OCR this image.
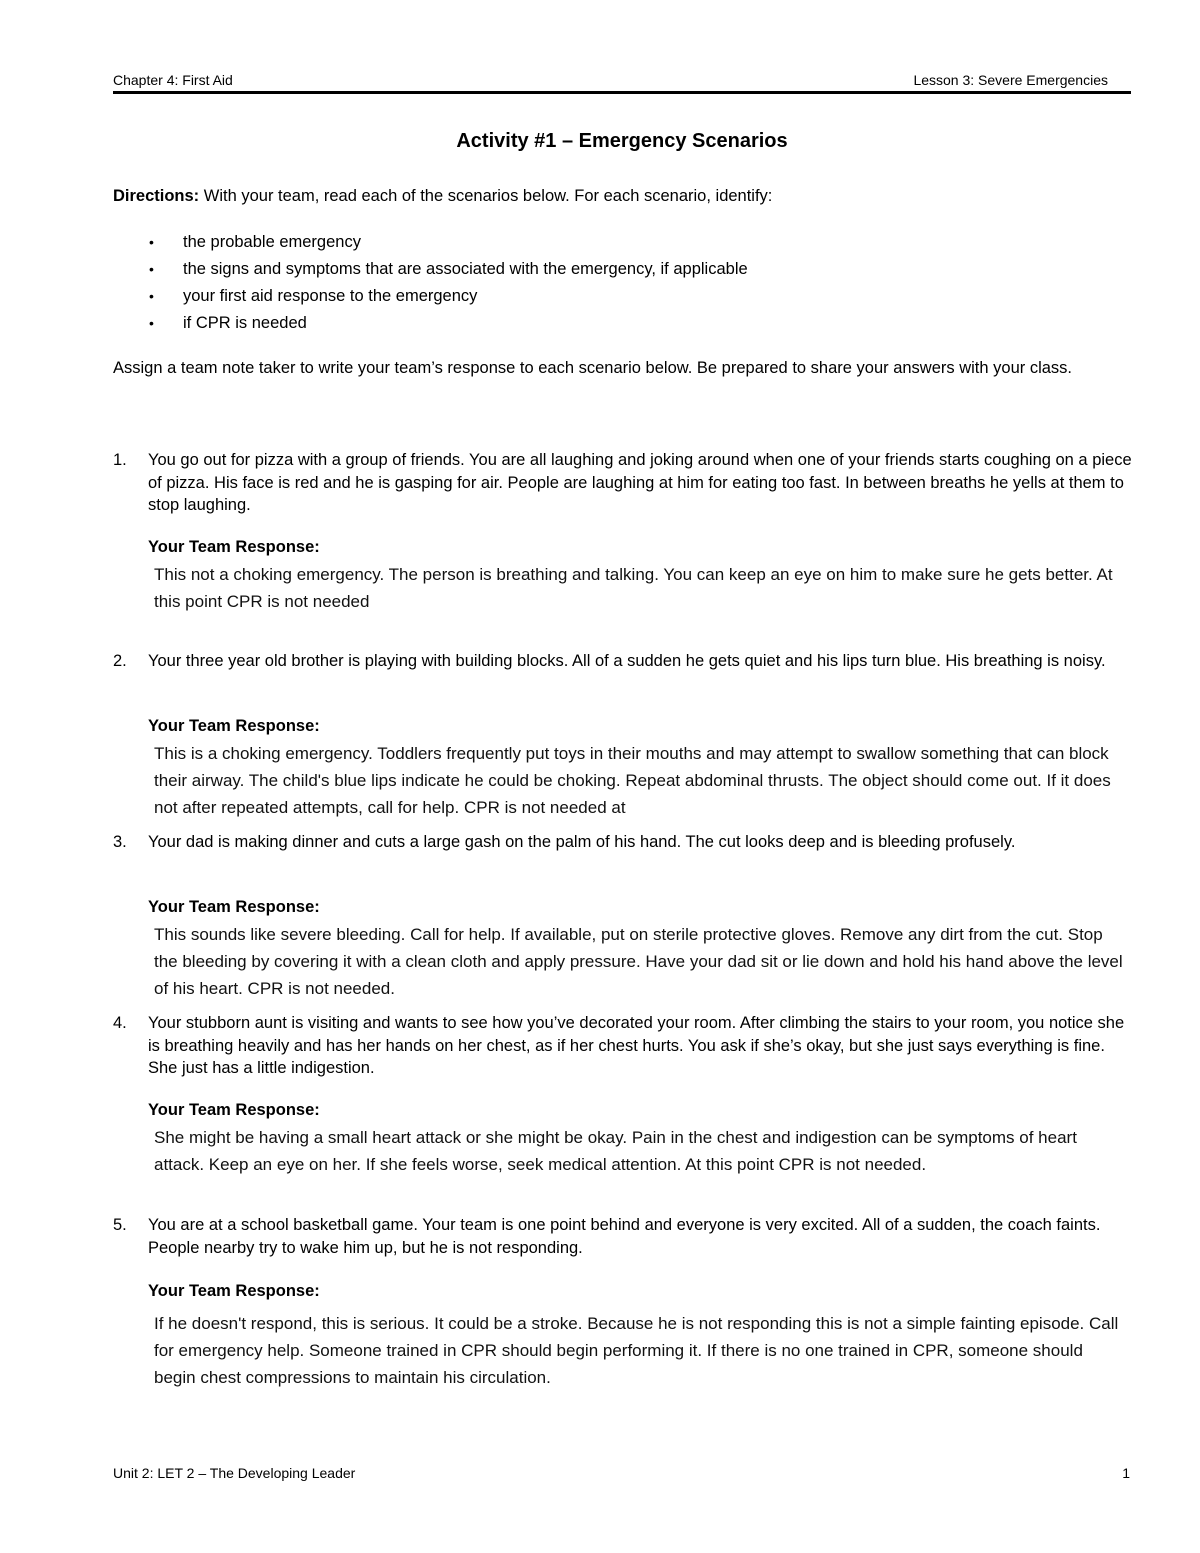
Chapter 4: First Aid	Lesson 3: Severe Emergencies
Activity #1 – Emergency Scenarios
Directions: With your team, read each of the scenarios below. For each scenario, identify:
• the probable emergency
• the signs and symptoms that are associated with the emergency, if applicable
• your first aid response to the emergency
• if CPR is needed
Assign a team note taker to write your team’s response to each scenario below. Be prepared to share your answers with your class.
1. You go out for pizza with a group of friends. You are all laughing and joking around when one of your friends starts coughing on a piece of pizza. His face is red and he is gasping for air. People are laughing at him for eating too fast. In between breaths he yells at them to stop laughing.
Your Team Response:
This not a choking emergency. The person is breathing and talking. You can keep an eye on him to make sure he gets better. At this point CPR is not needed
2. Your three year old brother is playing with building blocks. All of a sudden he gets quiet and his lips turn blue. His breathing is noisy.
Your Team Response:
This is a choking emergency. Toddlers frequently put toys in their mouths and may attempt to swallow something that can block their airway. The child's blue lips indicate he could be choking. Repeat abdominal thrusts. The object should come out. If it does not after repeated attempts, call for help. CPR is not needed at
3. Your dad is making dinner and cuts a large gash on the palm of his hand. The cut looks deep and is bleeding profusely.
Your Team Response:
This sounds like severe bleeding. Call for help. If available, put on sterile protective gloves. Remove any dirt from the cut. Stop the bleeding by covering it with a clean cloth and apply pressure. Have your dad sit or lie down and hold his hand above the level of his heart. CPR is not needed.
4. Your stubborn aunt is visiting and wants to see how you’ve decorated your room. After climbing the stairs to your room, you notice she is breathing heavily and has her hands on her chest, as if her chest hurts. You ask if she’s okay, but she just says everything is fine. She just has a little indigestion.
Your Team Response:
She might be having a small heart attack or she might be okay. Pain in the chest and indigestion can be symptoms of heart attack. Keep an eye on her. If she feels worse, seek medical attention. At this point CPR is not needed.
5. You are at a school basketball game. Your team is one point behind and everyone is very excited. All of a sudden, the coach faints. People nearby try to wake him up, but he is not responding.
Your Team Response:
If he doesn't respond, this is serious. It could be a stroke. Because he is not responding this is not a simple fainting episode. Call for emergency help. Someone trained in CPR should begin performing it. If there is no one trained in CPR, someone should begin chest compressions to maintain his circulation.
Unit 2: LET 2 – The Developing Leader	1
